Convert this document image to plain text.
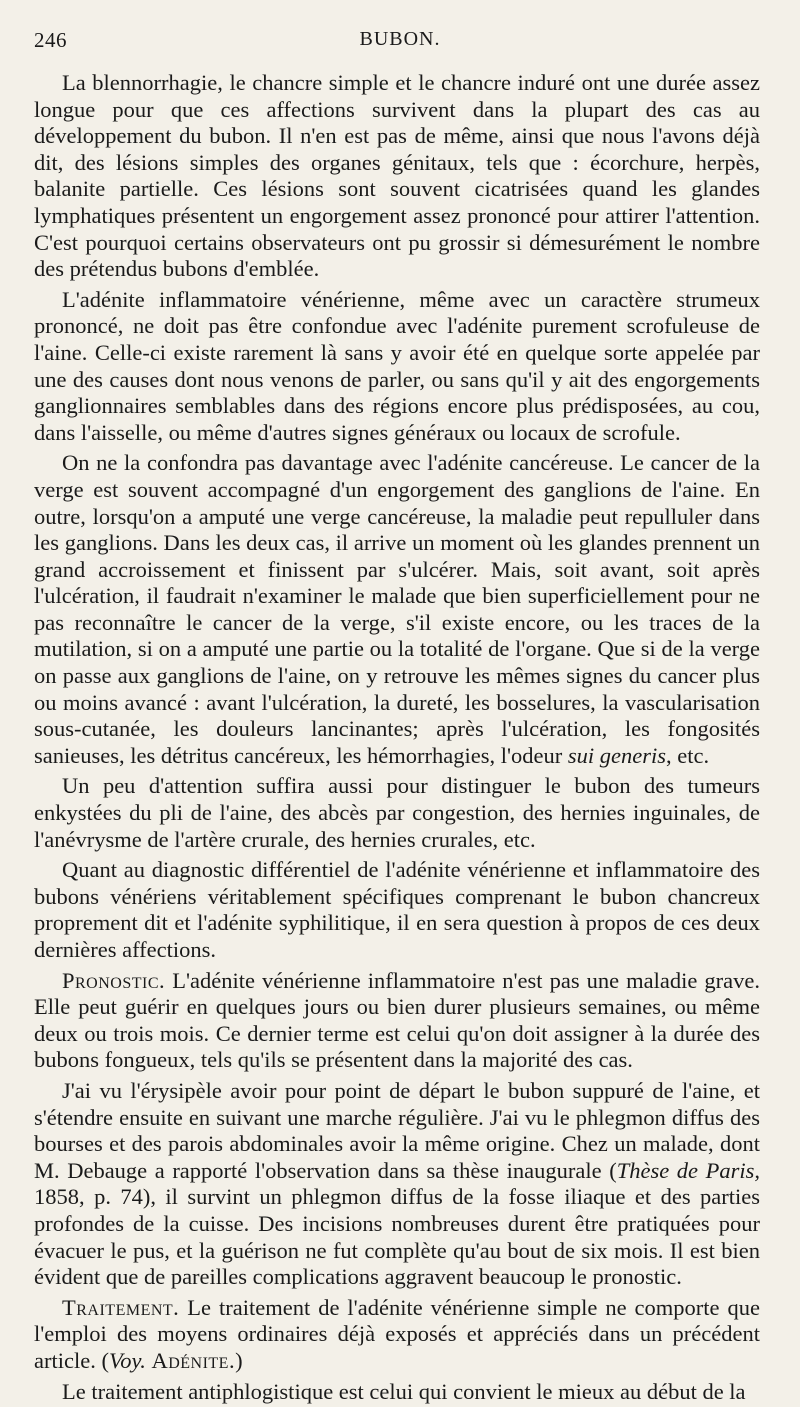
246	BUBON.

La blennorrhagie, le chancre simple et le chancre induré ont une durée assez longue pour que ces affections survivent dans la plupart des cas au développement du bubon. Il n'en est pas de même, ainsi que nous l'avons déjà dit, des lésions simples des organes génitaux, tels que : écorchure, herpès, balanite partielle. Ces lésions sont souvent cicatrisées quand les glandes lymphatiques présentent un engorgement assez prononcé pour attirer l'attention. C'est pourquoi certains observateurs ont pu grossir si démesurément le nombre des prétendus bubons d'emblée.

L'adénite inflammatoire vénérienne, même avec un caractère strumeux prononcé, ne doit pas être confondue avec l'adénite purement scrofuleuse de l'aine. Celle-ci existe rarement là sans y avoir été en quelque sorte appelée par une des causes dont nous venons de parler, ou sans qu'il y ait des engorgements ganglionnaires semblables dans des régions encore plus prédisposées, au cou, dans l'aisselle, ou même d'autres signes généraux ou locaux de scrofule.

On ne la confondra pas davantage avec l'adénite cancéreuse. Le cancer de la verge est souvent accompagné d'un engorgement des ganglions de l'aine. En outre, lorsqu'on a amputé une verge cancéreuse, la maladie peut repulluler dans les ganglions. Dans les deux cas, il arrive un moment où les glandes prennent un grand accroissement et finissent par s'ulcérer. Mais, soit avant, soit après l'ulcération, il faudrait n'examiner le malade que bien superficiellement pour ne pas reconnaître le cancer de la verge, s'il existe encore, ou les traces de la mutilation, si on a amputé une partie ou la totalité de l'organe. Que si de la verge on passe aux ganglions de l'aine, on y retrouve les mêmes signes du cancer plus ou moins avancé : avant l'ulcération, la dureté, les bosselures, la vascularisation sous-cutanée, les douleurs lancinantes; après l'ulcération, les fongosités sanieuses, les détritus cancéreux, les hémorrhagies, l'odeur sui generis, etc.

Un peu d'attention suffira aussi pour distinguer le bubon des tumeurs enkystées du pli de l'aine, des abcès par congestion, des hernies inguinales, de l'anévrysme de l'artère crurale, des hernies crurales, etc.

Quant au diagnostic différentiel de l'adénite vénérienne et inflammatoire des bubons vénériens véritablement spécifiques comprenant le bubon chancreux proprement dit et l'adénite syphilitique, il en sera question à propos de ces deux dernières affections.

Pronostic. L'adénite vénérienne inflammatoire n'est pas une maladie grave. Elle peut guérir en quelques jours ou bien durer plusieurs semaines, ou même deux ou trois mois. Ce dernier terme est celui qu'on doit assigner à la durée des bubons fongueux, tels qu'ils se présentent dans la majorité des cas.

J'ai vu l'érysipèle avoir pour point de départ le bubon suppuré de l'aine, et s'étendre ensuite en suivant une marche régulière. J'ai vu le phlegmon diffus des bourses et des parois abdominales avoir la même origine. Chez un malade, dont M. Debauge a rapporté l'observation dans sa thèse inaugurale (Thèse de Paris, 1858, p. 74), il survint un phlegmon diffus de la fosse iliaque et des parties profondes de la cuisse. Des incisions nombreuses durent être pratiquées pour évacuer le pus, et la guérison ne fut complète qu'au bout de six mois. Il est bien évident que de pareilles complications aggravent beaucoup le pronostic.

Traitement. Le traitement de l'adénite vénérienne simple ne comporte que l'emploi des moyens ordinaires déjà exposés et appréciés dans un précédent article. (Voy. Adénite.)

Le traitement antiphlogistique est celui qui convient le mieux au début de la
